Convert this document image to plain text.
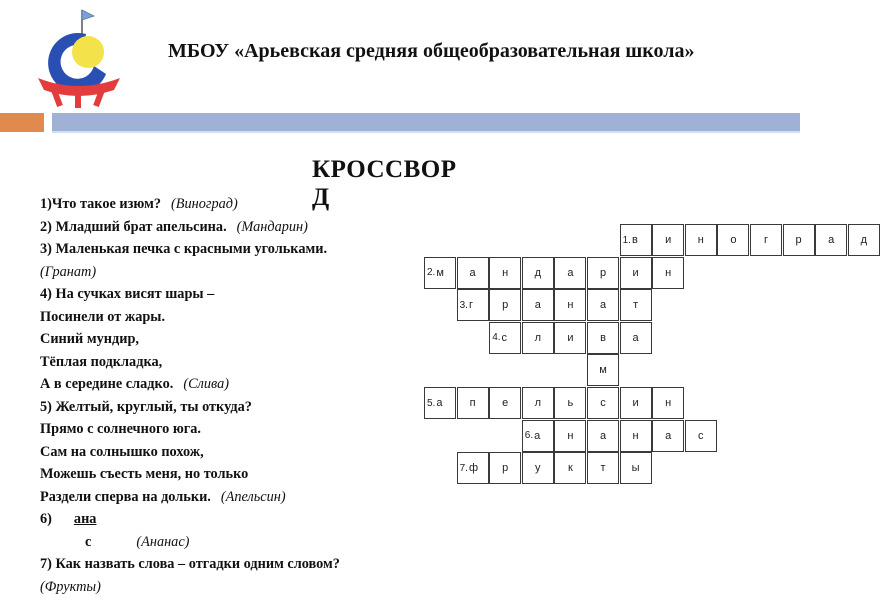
МБОУ «Арьевская средняя общеобразовательная школа»
КРОССВОР
Д
1)Что такое изюм? (Виноград)
2) Младший брат апельсина. (Мандарин)
3) Маленькая печка с красными угольками.
(Гранат)
4) На сучках висят шары –
Посинели от жары.
Синий мундир,
Тёплая подкладка,
А в середине сладко. (Слива)
5) Желтый, круглый, ты откуда?
Прямо с солнечного юга.
Сам на солнышко похож,
Можешь съесть меня, но только
Раздели сперва на дольки. (Апельсин)
6) ана
с	(Ананас)
7) Как назвать слова – отгадки одним словом?
(Фрукты)
1. в	и	н	о	г	р	а	д
2. м	а	н	д	а	р	и	н
3. г	р	а	н	а	т
4. с	л	и	в	а
м
5. а	п	е	л	ь	с	и	н
6. а	н	а	н	а	с
7. ф	р	у	к	т	ы
